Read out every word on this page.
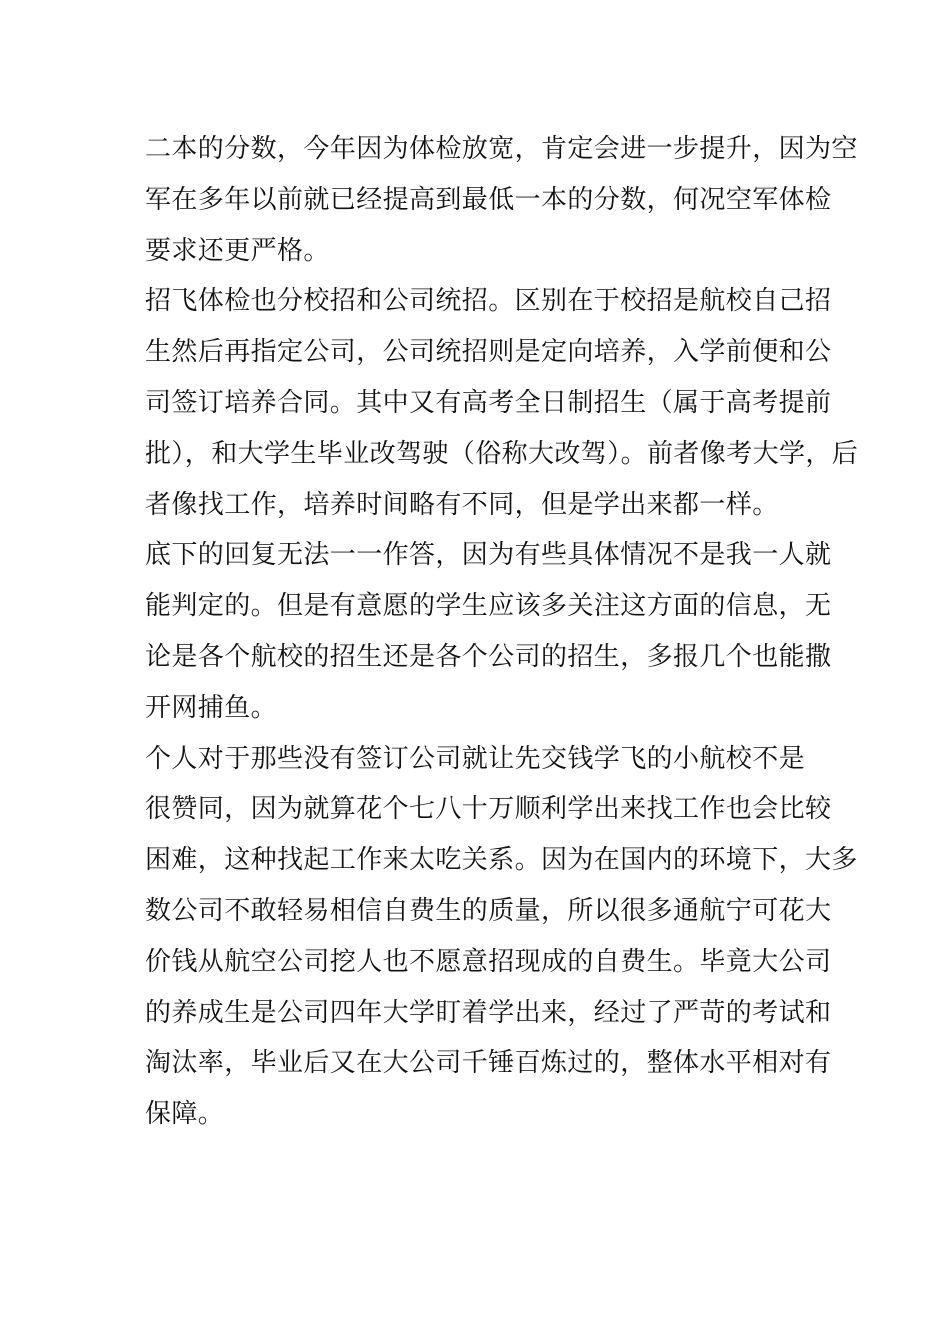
二本的分数，今年因为体检放宽，肯定会进一步提升，因为空
军在多年以前就已经提高到最低一本的分数，何况空军体检
要求还更严格。

招飞体检也分校招和公司统招。区别在于校招是航校自己招
生然后再指定公司，公司统招则是定向培养，入学前便和公
司签订培养合同。其中又有高考全日制招生（属于高考提前
批），和大学生毕业改驾驶（俗称大改驾）。前者像考大学，后
者像找工作，培养时间略有不同，但是学出来都一样。

底下的回复无法一一作答，因为有些具体情况不是我一人就
能判定的。但是有意愿的学生应该多关注这方面的信息，无
论是各个航校的招生还是各个公司的招生，多报几个也能撒
开网捕鱼。

个人对于那些没有签订公司就让先交钱学飞的小航校不是
很赞同，因为就算花个七八十万顺利学出来找工作也会比较
困难，这种找起工作来太吃关系。因为在国内的环境下，大多
数公司不敢轻易相信自费生的质量，所以很多通航宁可花大
价钱从航空公司挖人也不愿意招现成的自费生。毕竟大公司
的养成生是公司四年大学盯着学出来，经过了严苛的考试和
淘汰率，毕业后又在大公司千锤百炼过的，整体水平相对有
保障。
